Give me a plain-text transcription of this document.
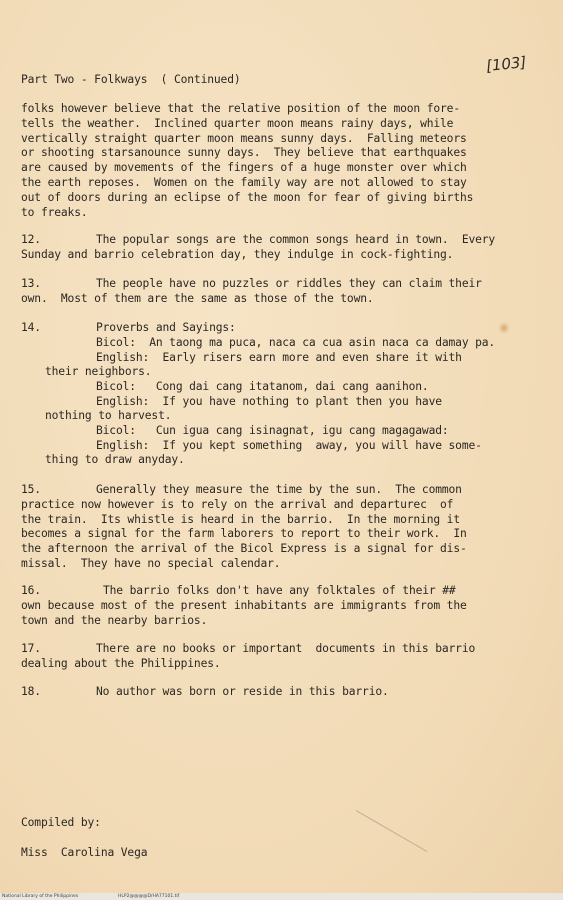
[103]
Part Two - Folkways  ( Continued)

folks however believe that the relative position of the moon fore-

tells the weather.  Inclined quarter moon means rainy days, while

vertically straight quarter moon means sunny days.  Falling meteors

or shooting starsanounce sunny days.  They believe that earthquakes

are caused by movements of the fingers of a huge monster over which

the earth reposes.  Women on the family way are not allowed to stay

out of doors during an eclipse of the moon for fear of giving births

to freaks.

12.

	The popular songs are the common songs heard in town.  Every

Sunday and barrio celebration day, they indulge in cock-fighting.

13.

	The people have no puzzles or riddles they can claim their

own.  Most of them are the same as those of the town.

14.

	Proverbs and Sayings:

Bicol:  An taong ma puca, naca ca cua asin naca ca damay pa.

English:  Early risers earn more and even share it with

their neighbors.

Bicol:   Cong dai cang itatanom, dai cang aanihon.

English:  If you have nothing to plant then you have

nothing to harvest.

Bicol:   Cun igua cang isinagnat, igu cang magagawad:

English:  If you kept something  away, you will have some-

thing to draw anyday.

15.

	Generally they measure the time by the sun.  The common

practice now however is to rely on the arrival and departurec  of

the train.  Its whistle is heard in the barrio.  In the morning it

becomes a signal for the farm laborers to report to their work.  In

the afternoon the arrival of the Bicol Express is a signal for dis-

missal.  They have no special calendar.

16.

	The barrio folks don't have any folktales of their ##

own because most of the present inhabitants are immigrants from the

town and the nearby barrios.

17.

	There are no books or important  documents in this barrio

dealing about the Philippines.

18.

	No author was born or reside in this barrio.

Compiled by:
Miss  Carolina Vega
National Library of the Philippines	HLP2@@@@D/HA77101.tif
